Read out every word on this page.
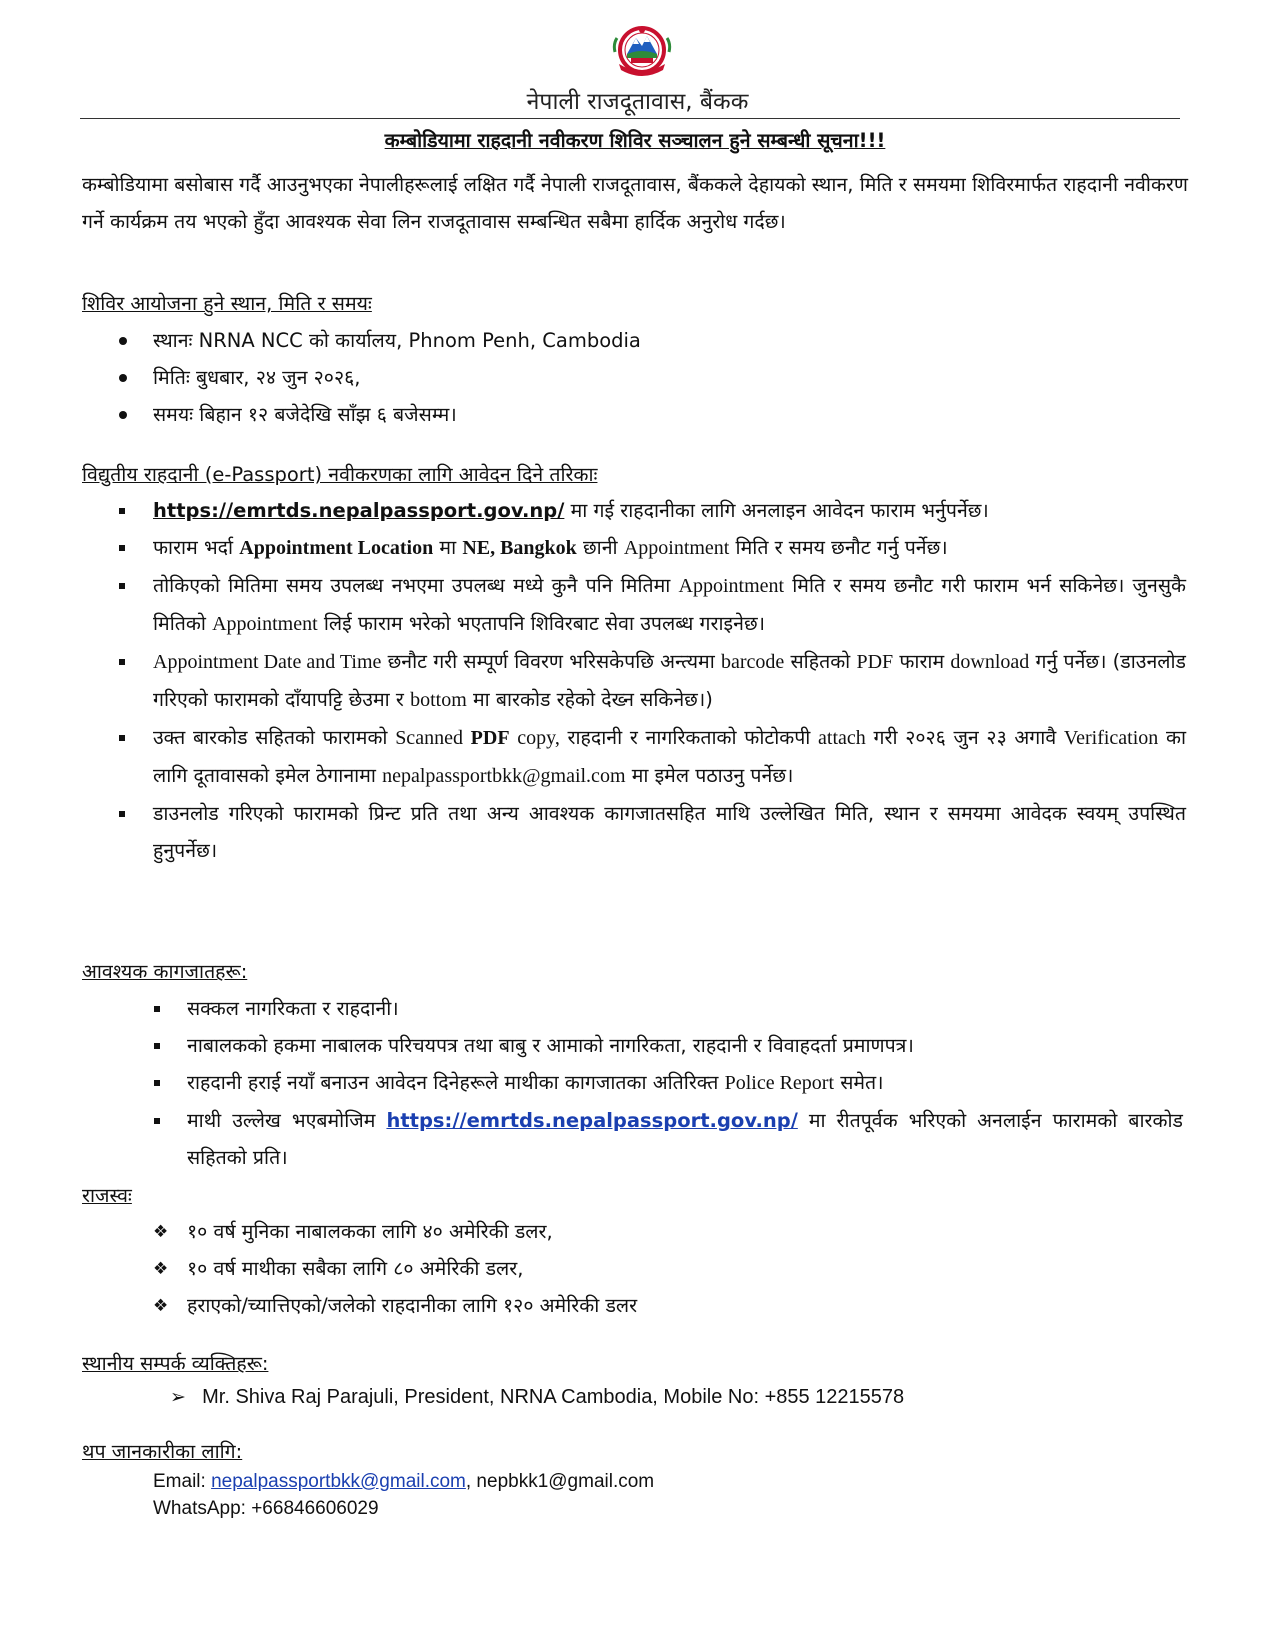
नेपाली राजदूतावास, बैंकक
कम्बोडियामा राहदानी नवीकरण शिविर सञ्चालन हुने सम्बन्धी सूचना!!!
कम्बोडियामा बसोबास गर्दै आउनुभएका नेपालीहरूलाई लक्षित गर्दै नेपाली राजदूतावास, बैंककले देहायको स्थान, मिति र समयमा शिविरमार्फत राहदानी नवीकरण गर्ने कार्यक्रम तय भएको हुँदा आवश्यक सेवा लिन राजदूतावास सम्बन्धित सबैमा हार्दिक अनुरोध गर्दछ।
शिविर आयोजना हुने स्थान, मिति र समयः
स्थानः NRNA NCC को कार्यालय, Phnom Penh, Cambodia
मितिः बुधबार, २४ जुन २०२६,
समयः बिहान १२ बजेदेखि साँझ ६ बजेसम्म।
विद्युतीय राहदानी (e-Passport) नवीकरणका लागि आवेदन दिने तरिकाः
https://emrtds.nepalpassport.gov.np/ मा गई राहदानीका लागि अनलाइन आवेदन फाराम भर्नुपर्नेछ।
फाराम भर्दा Appointment Location मा NE, Bangkok छानी Appointment मिति र समय छनौट गर्नु पर्नेछ।
तोकिएको मितिमा समय उपलब्ध नभएमा उपलब्ध मध्ये कुनै पनि मितिमा Appointment मिति र समय छनौट गरी फाराम भर्न सकिनेछ। जुनसुकै मितिको Appointment लिई फाराम भरेको भएतापनि शिविरबाट सेवा उपलब्ध गराइनेछ।
Appointment Date and Time छनौट गरी सम्पूर्ण विवरण भरिसकेपछि अन्त्यमा barcode सहितको PDF फाराम download गर्नु पर्नेछ। (डाउनलोड गरिएको फारामको दाँयापट्टि छेउमा र bottom मा बारकोड रहेको देख्न सकिनेछ।)
उक्त बारकोड सहितको फारामको Scanned PDF copy, राहदानी र नागरिकताको फोटोकपी attach गरी २०२६ जुन २३ अगावै Verification का लागि दूतावासको इमेल ठेगानामा nepalpassportbkk@gmail.com मा इमेल पठाउनु पर्नेछ।
डाउनलोड गरिएको फारामको प्रिन्ट प्रति तथा अन्य आवश्यक कागजातसहित माथि उल्लेखित मिति, स्थान र समयमा आवेदक स्वयम् उपस्थित हुनुपर्नेछ।
आवश्यक कागजातहरू:
सक्कल नागरिकता र राहदानी।
नाबालकको हकमा नाबालक परिचयपत्र तथा बाबु र आमाको नागरिकता, राहदानी र विवाहदर्ता प्रमाणपत्र।
राहदानी हराई नयाँ बनाउन आवेदन दिनेहरूले माथीका कागजातका अतिरिक्त Police Report समेत।
माथी उल्लेख भएबमोजिम https://emrtds.nepalpassport.gov.np/ मा रीतपूर्वक भरिएको अनलाईन फारामको बारकोड सहितको प्रति।
राजस्वः
❖ १० वर्ष मुनिका नाबालकका लागि ४० अमेरिकी डलर,
❖ १० वर्ष माथीका सबैका लागि ८० अमेरिकी डलर,
❖ हराएको/च्यात्तिएको/जलेको राहदानीका लागि १२० अमेरिकी डलर
स्थानीय सम्पर्क व्यक्तिहरू:
➢ Mr. Shiva Raj Parajuli, President, NRNA Cambodia, Mobile No: +855 12215578
थप जानकारीका लागि:
Email: nepalpassportbkk@gmail.com, nepbkk1@gmail.com
WhatsApp: +66846606029
